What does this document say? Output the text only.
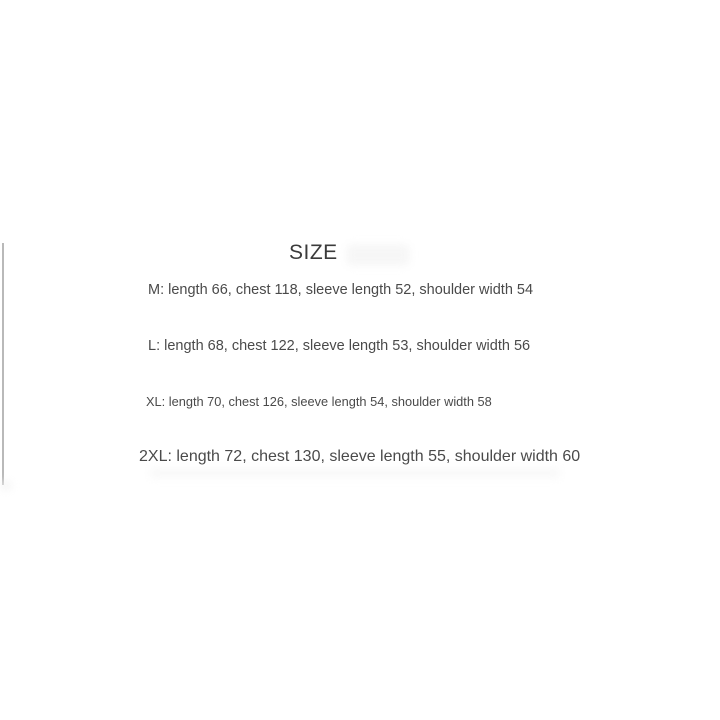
SIZE
M: length 66, chest 118, sleeve length 52, shoulder width 54
L: length 68, chest 122, sleeve length 53, shoulder width 56
XL: length 70, chest 126, sleeve length 54, shoulder width 58
2XL: length 72, chest 130, sleeve length 55, shoulder width 60
